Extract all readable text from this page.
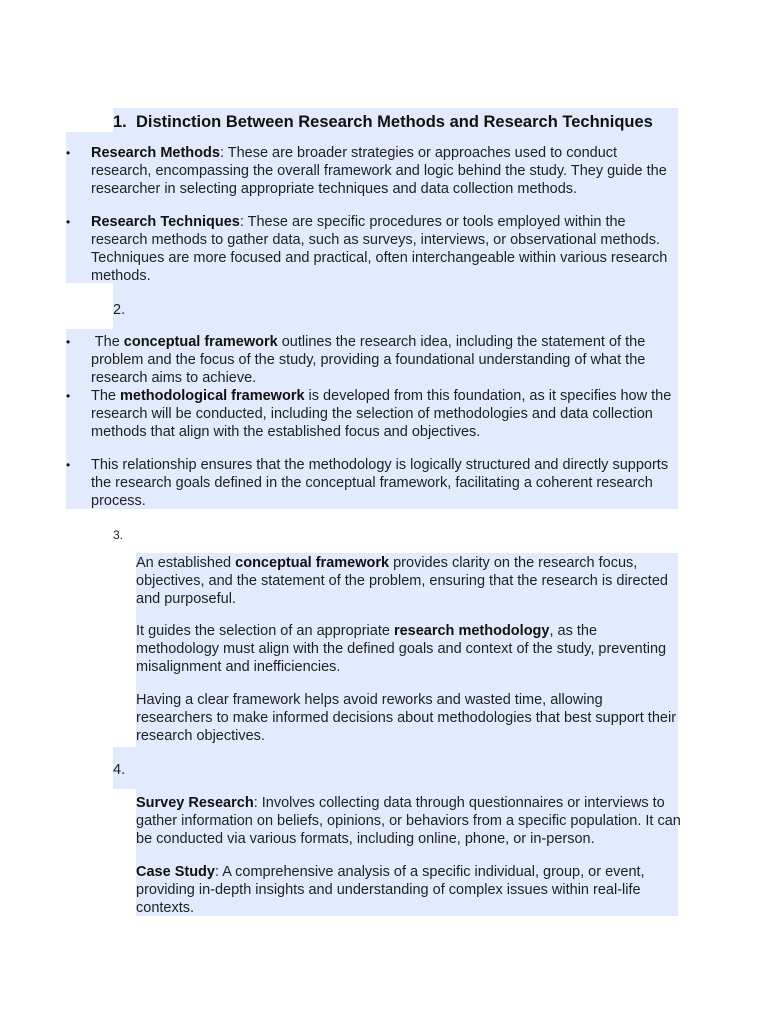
1. Distinction Between Research Methods and Research Techniques
• Research Methods: These are broader strategies or approaches used to conduct research, encompassing the overall framework and logic behind the study. They guide the researcher in selecting appropriate techniques and data collection methods.
• Research Techniques: These are specific procedures or tools employed within the research methods to gather data, such as surveys, interviews, or observational methods. Techniques are more focused and practical, often interchangeable within various research methods.
2.
• The conceptual framework outlines the research idea, including the statement of the problem and the focus of the study, providing a foundational understanding of what the research aims to achieve.
• The methodological framework is developed from this foundation, as it specifies how the research will be conducted, including the selection of methodologies and data collection methods that align with the established focus and objectives.
• This relationship ensures that the methodology is logically structured and directly supports the research goals defined in the conceptual framework, facilitating a coherent research process.
3.
An established conceptual framework provides clarity on the research focus, objectives, and the statement of the problem, ensuring that the research is directed and purposeful.
It guides the selection of an appropriate research methodology, as the methodology must align with the defined goals and context of the study, preventing misalignment and inefficiencies.
Having a clear framework helps avoid reworks and wasted time, allowing researchers to make informed decisions about methodologies that best support their research objectives.
4.
Survey Research: Involves collecting data through questionnaires or interviews to gather information on beliefs, opinions, or behaviors from a specific population. It can be conducted via various formats, including online, phone, or in-person.
Case Study: A comprehensive analysis of a specific individual, group, or event, providing in-depth insights and understanding of complex issues within real-life contexts.
